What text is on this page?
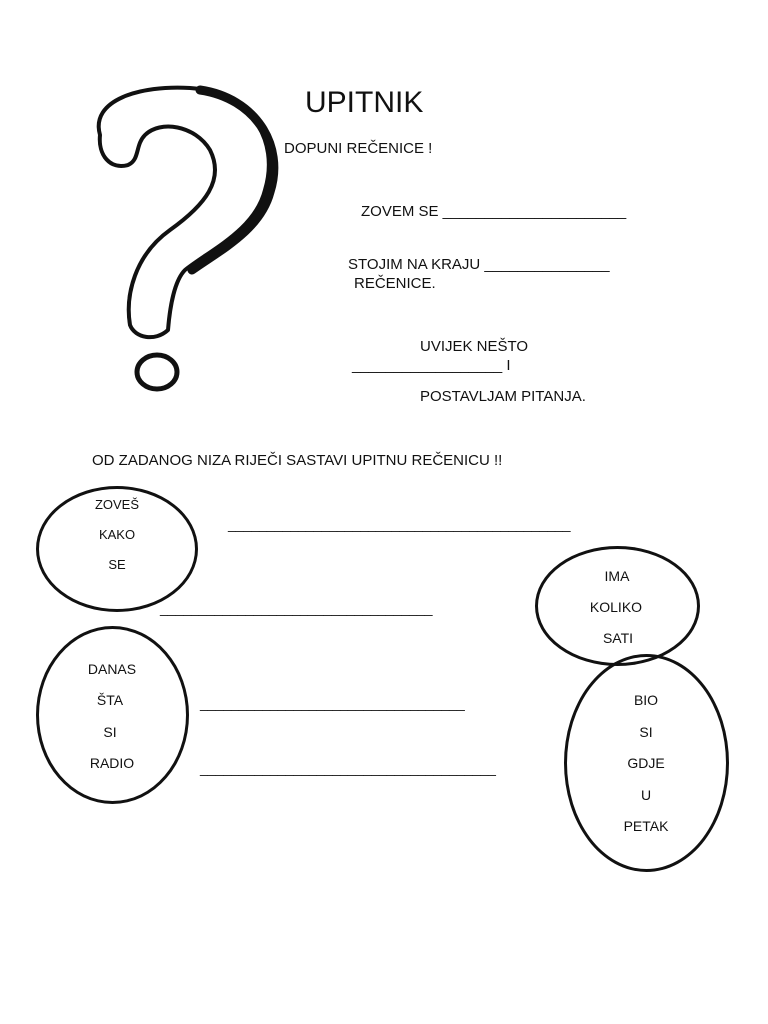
UPITNIK
DOPUNI REČENICE !
ZOVEM SE ______________________
STOJIM NA KRAJU _______________
REČENICE.
UVIJEK NEŠTO
__________________ I
POSTAVLJAM PITANJA.
OD ZADANOG NIZA RIJEČI SASTAVI UPITNU REČENICU !!
____________________________________________
___________________________________
__________________________________
______________________________________
ZOVEŠ
KAKO
SE
IMA
KOLIKO
SATI
DANAS
ŠTA
SI
RADIO
BIO
SI
GDJE
U
PETAK
